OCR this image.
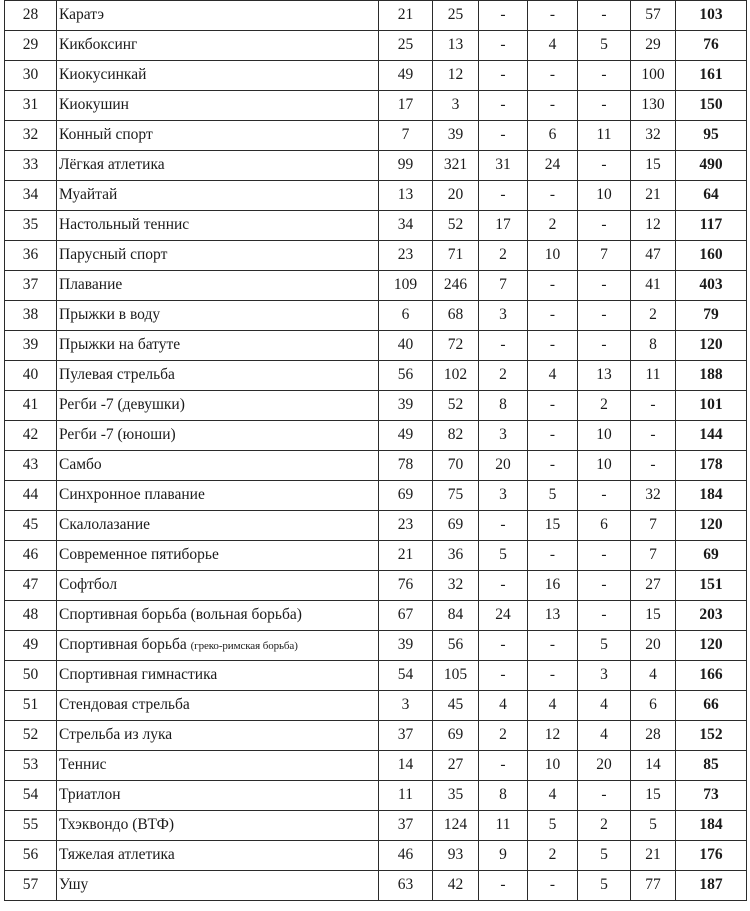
28	Каратэ	21	25	-	-	-	57	103
29	Кикбоксинг	25	13	-	4	5	29	76
30	Киокусинкай	49	12	-	-	-	100	161
31	Киокушин	17	3	-	-	-	130	150
32	Конный спорт	7	39	-	6	11	32	95
33	Лёгкая атлетика	99	321	31	24	-	15	490
34	Муайтай	13	20	-	-	10	21	64
35	Настольный теннис	34	52	17	2	-	12	117
36	Парусный спорт	23	71	2	10	7	47	160
37	Плавание	109	246	7	-	-	41	403
38	Прыжки в воду	6	68	3	-	-	2	79
39	Прыжки на батуте	40	72	-	-	-	8	120
40	Пулевая стрельба	56	102	2	4	13	11	188
41	Регби -7 (девушки)	39	52	8	-	2	-	101
42	Регби -7 (юноши)	49	82	3	-	10	-	144
43	Самбо	78	70	20	-	10	-	178
44	Синхронное плавание	69	75	3	5	-	32	184
45	Скалолазание	23	69	-	15	6	7	120
46	Современное пятиборье	21	36	5	-	-	7	69
47	Софтбол	76	32	-	16	-	27	151
48	Спортивная борьба (вольная борьба)	67	84	24	13	-	15	203
49	Спортивная борьба (греко-римская борьба)	39	56	-	-	5	20	120
50	Спортивная гимнастика	54	105	-	-	3	4	166
51	Стендовая стрельба	3	45	4	4	4	6	66
52	Стрельба из лука	37	69	2	12	4	28	152
53	Теннис	14	27	-	10	20	14	85
54	Триатлон	11	35	8	4	-	15	73
55	Тхэквондо (ВТФ)	37	124	11	5	2	5	184
56	Тяжелая атлетика	46	93	9	2	5	21	176
57	Ушу	63	42	-	-	5	77	187
